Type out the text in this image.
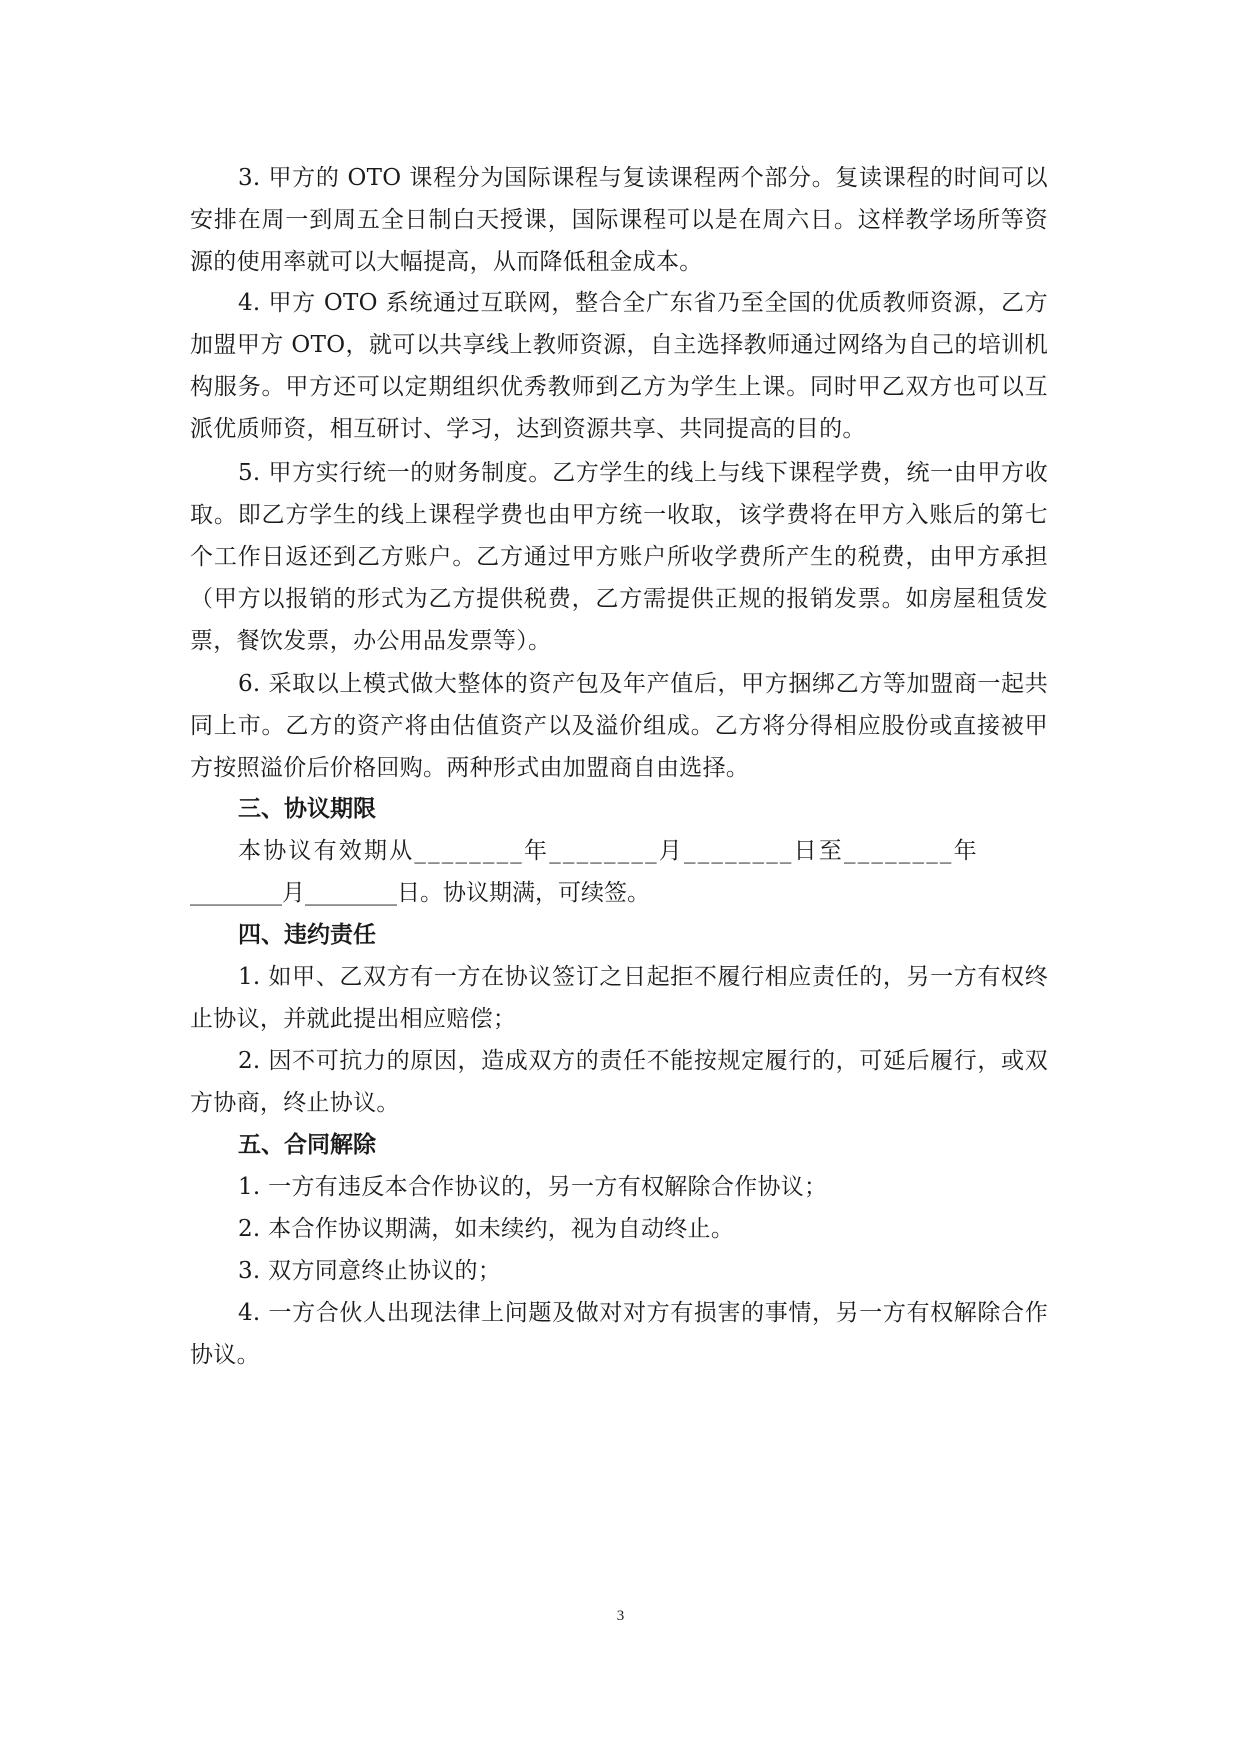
3. 甲方的 OTO 课程分为国际课程与复读课程两个部分。复读课程的时间可以安排在周一到周五全日制白天授课，国际课程可以是在周六日。这样教学场所等资源的使用率就可以大幅提高，从而降低租金成本。

4. 甲方 OTO 系统通过互联网，整合全广东省乃至全国的优质教师资源，乙方加盟甲方 OTO，就可以共享线上教师资源，自主选择教师通过网络为自己的培训机构服务。甲方还可以定期组织优秀教师到乙方为学生上课。同时甲乙双方也可以互派优质师资，相互研讨、学习，达到资源共享、共同提高的目的。

5. 甲方实行统一的财务制度。乙方学生的线上与线下课程学费，统一由甲方收取。即乙方学生的线上课程学费也由甲方统一收取，该学费将在甲方入账后的第七个工作日返还到乙方账户。乙方通过甲方账户所收学费所产生的税费，由甲方承担（甲方以报销的形式为乙方提供税费，乙方需提供正规的报销发票。如房屋租赁发票，餐饮发票，办公用品发票等）。

6. 采取以上模式做大整体的资产包及年产值后，甲方捆绑乙方等加盟商一起共同上市。乙方的资产将由估值资产以及溢价组成。乙方将分得相应股份或直接被甲方按照溢价后价格回购。两种形式由加盟商自由选择。

三、协议期限

本协议有效期从________年________月________日至________年

________月________日。协议期满，可续签。

四、违约责任

1. 如甲、乙双方有一方在协议签订之日起拒不履行相应责任的，另一方有权终止协议，并就此提出相应赔偿；

2. 因不可抗力的原因，造成双方的责任不能按规定履行的，可延后履行，或双方协商，终止协议。

五、合同解除

1. 一方有违反本合作协议的，另一方有权解除合作协议；

2. 本合作协议期满，如未续约，视为自动终止。

3. 双方同意终止协议的；

4. 一方合伙人出现法律上问题及做对对方有损害的事情，另一方有权解除合作协议。

3
